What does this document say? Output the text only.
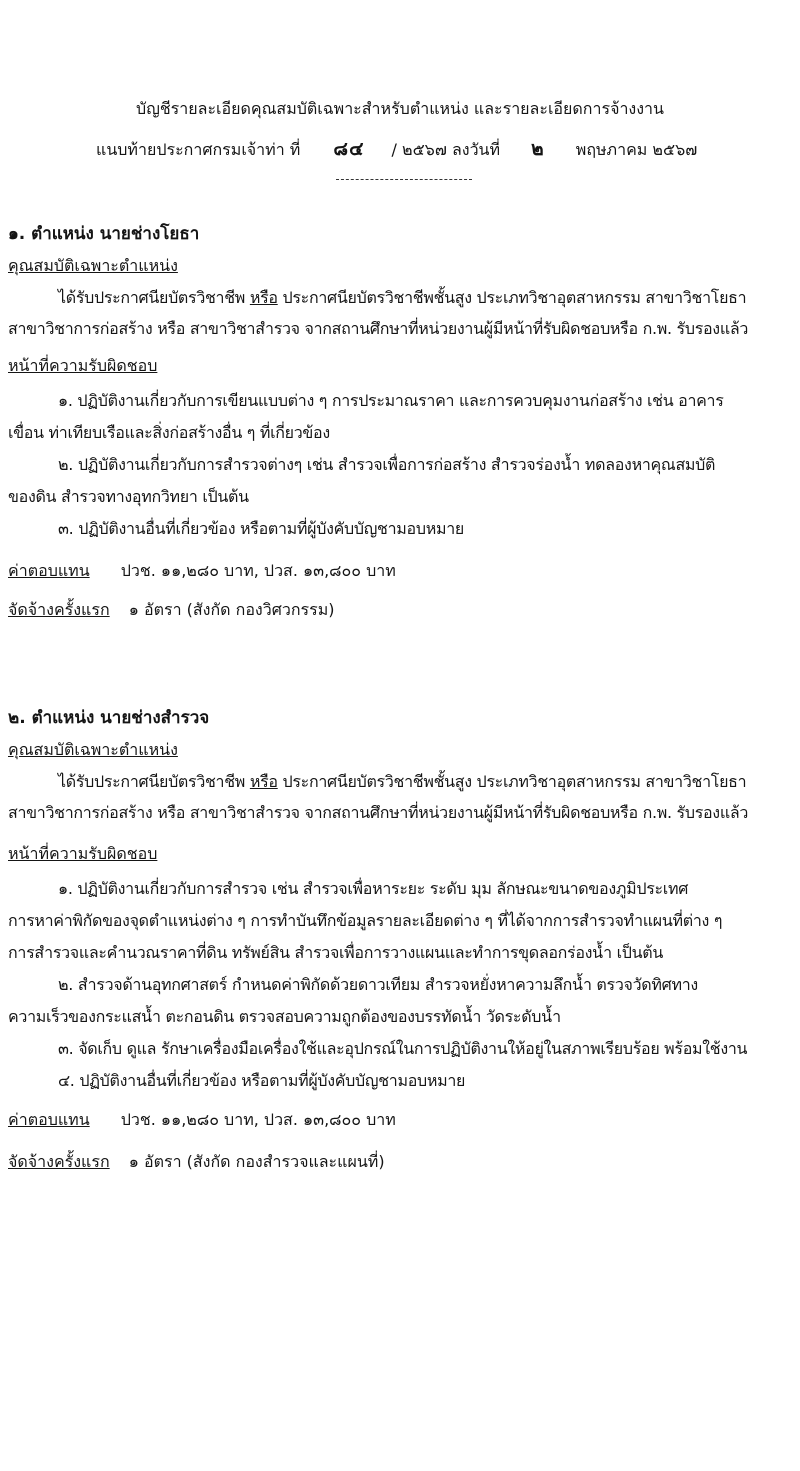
บัญชีรายละเอียดคุณสมบัติเฉพาะสำหรับตำแหน่ง และรายละเอียดการจ้างงาน
แนบท้ายประกาศกรมเจ้าท่า ที่ ๘๔ / ๒๕๖๗ ลงวันที่ ๒ พฤษภาคม ๒๕๖๗
๑. ตำแหน่ง นายช่างโยธา
คุณสมบัติเฉพาะตำแหน่ง
ได้รับประกาศนียบัตรวิชาชีพ หรือ ประกาศนียบัตรวิชาชีพชั้นสูง ประเภทวิชาอุตสาหกรรม สาขาวิชาโยธา
สาขาวิชาการก่อสร้าง หรือ สาขาวิชาสำรวจ จากสถานศึกษาที่หน่วยงานผู้มีหน้าที่รับผิดชอบหรือ ก.พ. รับรองแล้ว
หน้าที่ความรับผิดชอบ
๑. ปฏิบัติงานเกี่ยวกับการเขียนแบบต่าง ๆ การประมาณราคา และการควบคุมงานก่อสร้าง เช่น อาคาร
เขื่อน ท่าเทียบเรือและสิ่งก่อสร้างอื่น ๆ ที่เกี่ยวข้อง
๒. ปฏิบัติงานเกี่ยวกับการสำรวจต่างๆ เช่น สำรวจเพื่อการก่อสร้าง สำรวจร่องน้ำ ทดลองหาคุณสมบัติ
ของดิน สำรวจทางอุทกวิทยา เป็นต้น
๓. ปฏิบัติงานอื่นที่เกี่ยวข้อง หรือตามที่ผู้บังคับบัญชามอบหมาย
ค่าตอบแทน ปวช. ๑๑,๒๘๐ บาท, ปวส. ๑๓,๘๐๐ บาท
จัดจ้างครั้งแรก ๑ อัตรา (สังกัด กองวิศวกรรม)
๒. ตำแหน่ง นายช่างสำรวจ
คุณสมบัติเฉพาะตำแหน่ง
ได้รับประกาศนียบัตรวิชาชีพ หรือ ประกาศนียบัตรวิชาชีพชั้นสูง ประเภทวิชาอุตสาหกรรม สาขาวิชาโยธา
สาขาวิชาการก่อสร้าง หรือ สาขาวิชาสำรวจ จากสถานศึกษาที่หน่วยงานผู้มีหน้าที่รับผิดชอบหรือ ก.พ. รับรองแล้ว
หน้าที่ความรับผิดชอบ
๑. ปฏิบัติงานเกี่ยวกับการสำรวจ เช่น สำรวจเพื่อหาระยะ ระดับ มุม ลักษณะขนาดของภูมิประเทศ
การหาค่าพิกัดของจุดตำแหน่งต่าง ๆ การทำบันทึกข้อมูลรายละเอียดต่าง ๆ ที่ได้จากการสำรวจทำแผนที่ต่าง ๆ
การสำรวจและคำนวณราคาที่ดิน ทรัพย์สิน สำรวจเพื่อการวางแผนและทำการขุดลอกร่องน้ำ เป็นต้น
๒. สำรวจด้านอุทกศาสตร์ กำหนดค่าพิกัดด้วยดาวเทียม สำรวจหยั่งหาความลึกน้ำ ตรวจวัดทิศทาง
ความเร็วของกระแสน้ำ ตะกอนดิน ตรวจสอบความถูกต้องของบรรทัดน้ำ วัดระดับน้ำ
๓. จัดเก็บ ดูแล รักษาเครื่องมือเครื่องใช้และอุปกรณ์ในการปฏิบัติงานให้อยู่ในสภาพเรียบร้อย พร้อมใช้งาน
๔. ปฏิบัติงานอื่นที่เกี่ยวข้อง หรือตามที่ผู้บังคับบัญชามอบหมาย
ค่าตอบแทน ปวช. ๑๑,๒๘๐ บาท, ปวส. ๑๓,๘๐๐ บาท
จัดจ้างครั้งแรก ๑ อัตรา (สังกัด กองสำรวจและแผนที่)
